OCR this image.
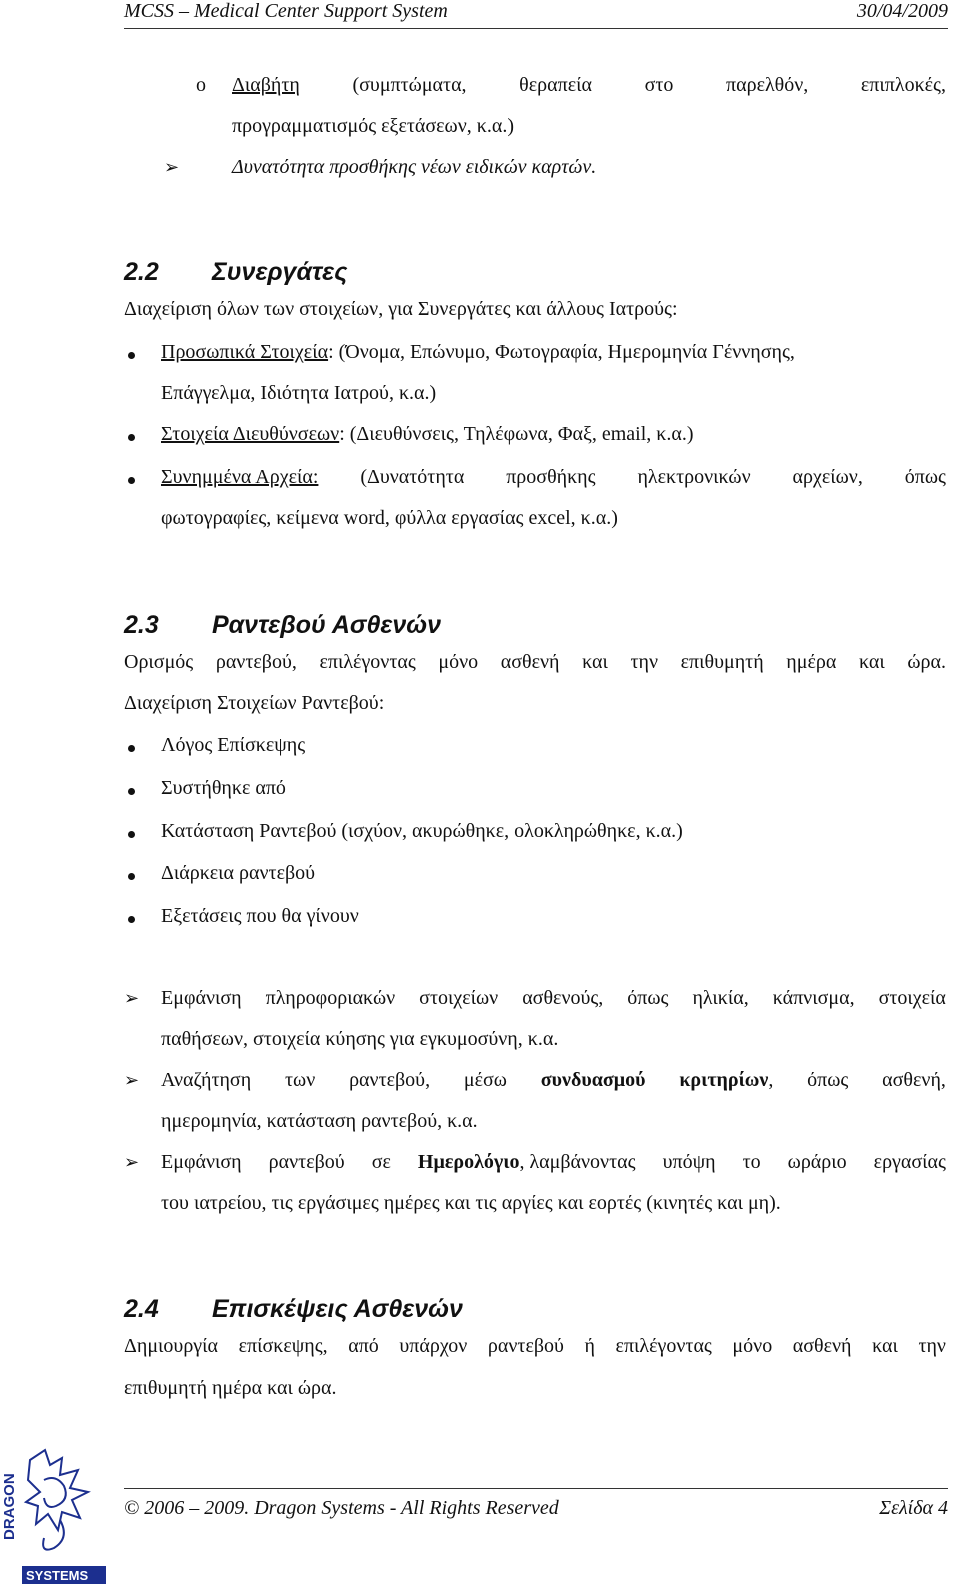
MCSS – Medical Center Support System	30/04/2009
o Διαβήτη	(συμπτώματα,	θεραπεία	στο	παρελθόν,	επιπλοκές,
προγραμματισμός εξετάσεων, κ.α.)
➢	Δυνατότητα προσθήκης νέων ειδικών καρτών.
2.2 Συνεργάτες
Διαχείριση όλων των στοιχείων, για Συνεργάτες και άλλους Ιατρούς:
Προσωπικά Στοιχεία: (Όνομα, Επώνυμο, Φωτογραφία, Ημερομηνία Γέννησης,
Επάγγελμα, Ιδιότητα Ιατρού, κ.α.)
Στοιχεία Διευθύνσεων: (Διευθύνσεις, Τηλέφωνα, Φαξ, email, κ.α.)
Συνημμένα Αρχεία: (Δυνατότητα προσθήκης ηλεκτρονικών αρχείων, όπως
φωτογραφίες, κείμενα word, φύλλα εργασίας excel, κ.α.)
2.3 Ραντεβού Ασθενών
Ορισμός ραντεβού, επιλέγοντας μόνο ασθενή και την επιθυμητή ημέρα και ώρα.
Διαχείριση Στοιχείων Ραντεβού:
Λόγος Επίσκεψης
Συστήθηκε από
Κατάσταση Ραντεβού (ισχύον, ακυρώθηκε, ολοκληρώθηκε, κ.α.)
Διάρκεια ραντεβού
Εξετάσεις που θα γίνουν
➢ Εμφάνιση πληροφοριακών στοιχείων ασθενούς, όπως ηλικία, κάπνισμα, στοιχεία
παθήσεων, στοιχεία κύησης για εγκυμοσύνη, κ.α.
➢ Αναζήτηση των ραντεβού, μέσω συνδυασμού κριτηρίων, όπως ασθενή,
ημερομηνία, κατάσταση ραντεβού, κ.α.
➢ Εμφάνιση ραντεβού σε Ημερολόγιο, λαμβάνοντας υπόψη το ωράριο εργασίας
του ιατρείου, τις εργάσιμες ημέρες και τις αργίες και εορτές (κινητές και μη).
2.4 Επισκέψεις Ασθενών
Δημιουργία επίσκεψης, από υπάρχον ραντεβού ή επιλέγοντας μόνο ασθενή και την
επιθυμητή ημέρα και ώρα.
DRAGON
SYSTEMS
© 2006 – 2009. Dragon Systems - All Rights Reserved	Σελίδα 4
